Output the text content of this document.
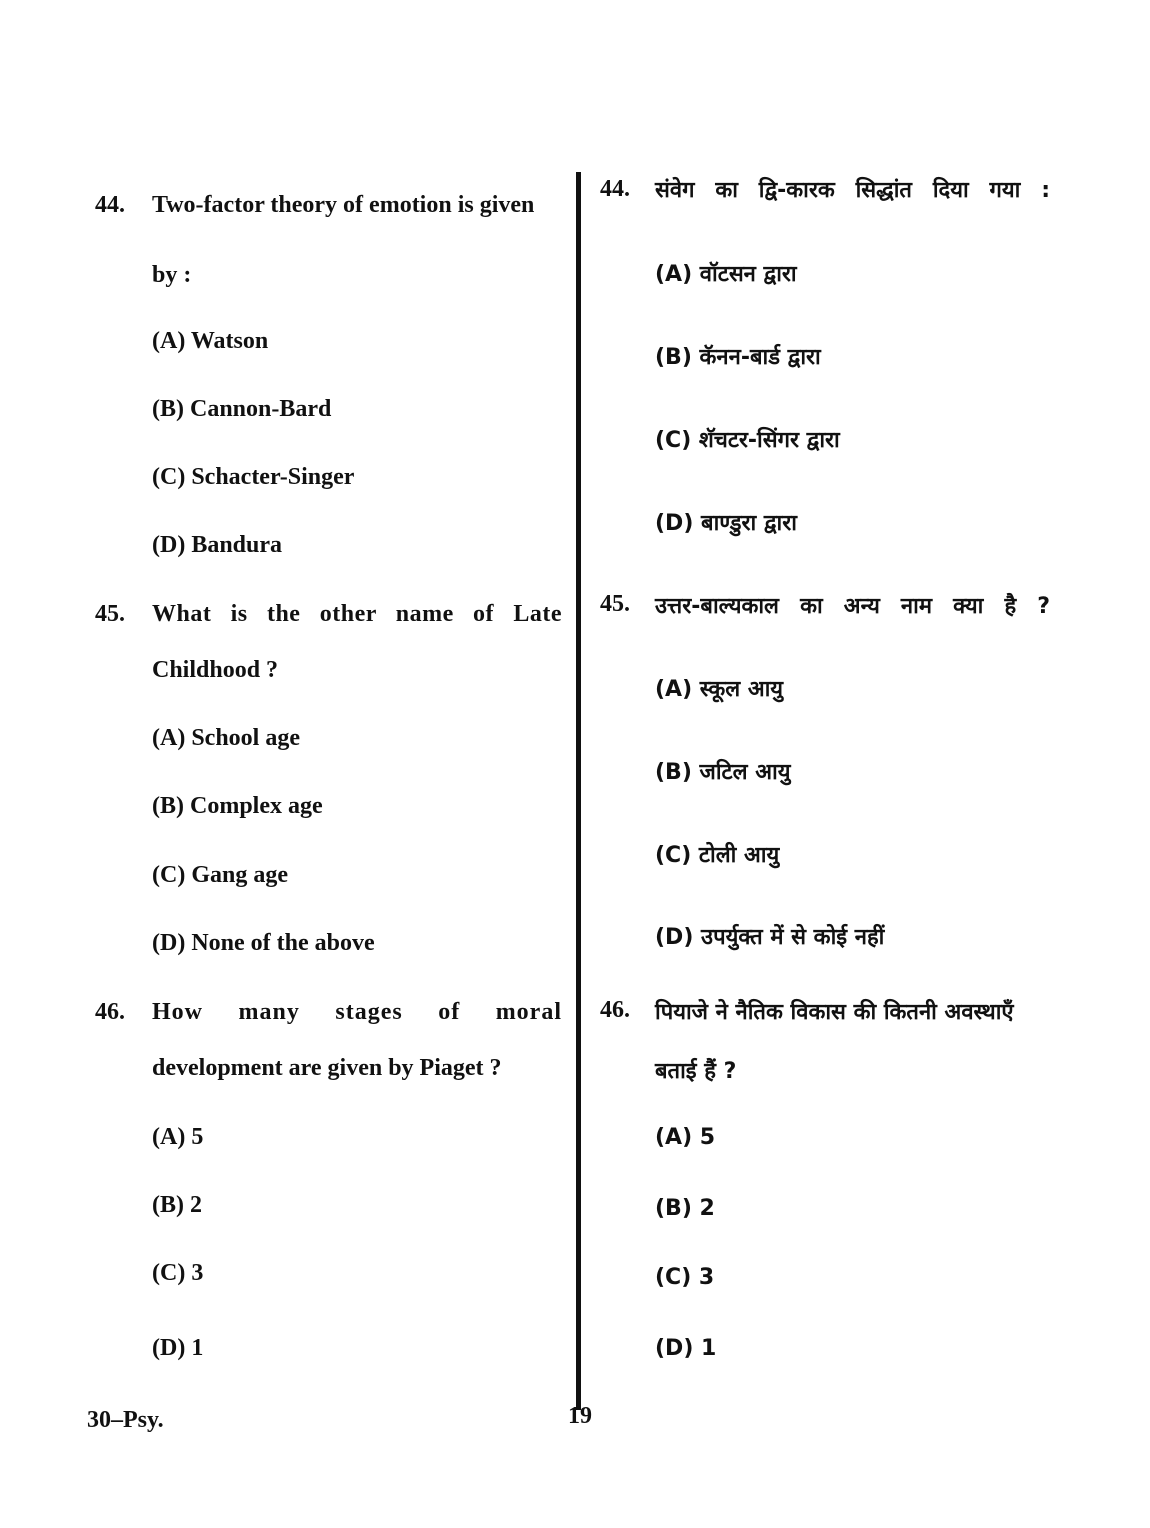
44. Two-factor theory of emotion is given
by :
(A) Watson
(B) Cannon-Bard
(C) Schacter-Singer
(D) Bandura
45. What is the other name of Late
Childhood ?
(A) School age
(B) Complex age
(C) Gang age
(D) None of the above
46. How many stages of moral
development are given by Piaget ?
(A) 5
(B) 2
(C) 3
(D) 1
44. संवेग का द्वि-कारक सिद्धांत दिया गया :
(A) वॉटसन द्वारा
(B) कॅनन-बार्ड द्वारा
(C) शॅचटर-सिंगर द्वारा
(D) बाण्डुरा द्वारा
45. उत्तर-बाल्यकाल का अन्य नाम क्या है ?
(A) स्कूल आयु
(B) जटिल आयु
(C) टोली आयु
(D) उपर्युक्त में से कोई नहीं
46. पियाजे ने नैतिक विकास की कितनी अवस्थाएँ
बताई हैं ?
(A) 5
(B) 2
(C) 3
(D) 1
30–Psy.	19
